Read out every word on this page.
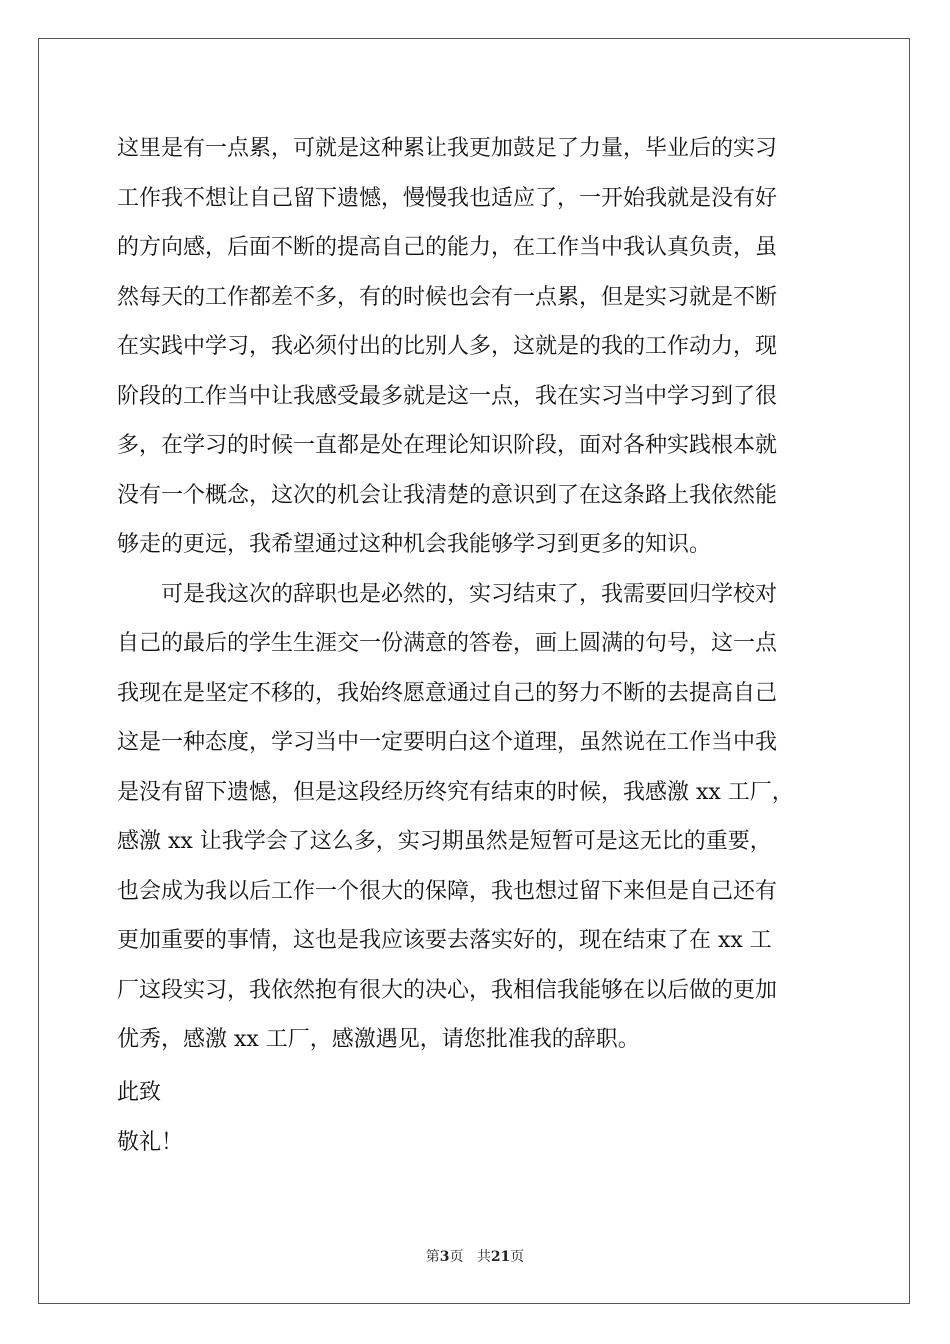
这里是有一点累，可就是这种累让我更加鼓足了力量，毕业后的实习
工作我不想让自己留下遗憾，慢慢我也适应了，一开始我就是没有好
的方向感，后面不断的提高自己的能力，在工作当中我认真负责，虽
然每天的工作都差不多，有的时候也会有一点累，但是实习就是不断
在实践中学习，我必须付出的比别人多，这就是的我的工作动力，现
阶段的工作当中让我感受最多就是这一点，我在实习当中学习到了很
多，在学习的时候一直都是处在理论知识阶段，面对各种实践根本就
没有一个概念，这次的机会让我清楚的意识到了在这条路上我依然能
够走的更远，我希望通过这种机会我能够学习到更多的知识。
可是我这次的辞职也是必然的，实习结束了，我需要回归学校对
自己的最后的学生生涯交一份满意的答卷，画上圆满的句号，这一点
我现在是坚定不移的，我始终愿意通过自己的努力不断的去提高自己
这是一种态度，学习当中一定要明白这个道理，虽然说在工作当中我
是没有留下遗憾，但是这段经历终究有结束的时候，我感激 xx 工厂，
感激 xx 让我学会了这么多，实习期虽然是短暂可是这无比的重要，
也会成为我以后工作一个很大的保障，我也想过留下来但是自己还有
更加重要的事情，这也是我应该要去落实好的，现在结束了在 xx 工
厂这段实习，我依然抱有很大的决心，我相信我能够在以后做的更加
优秀，感激 xx 工厂，感激遇见，请您批准我的辞职。
此致
敬礼！
第3页 共21页
